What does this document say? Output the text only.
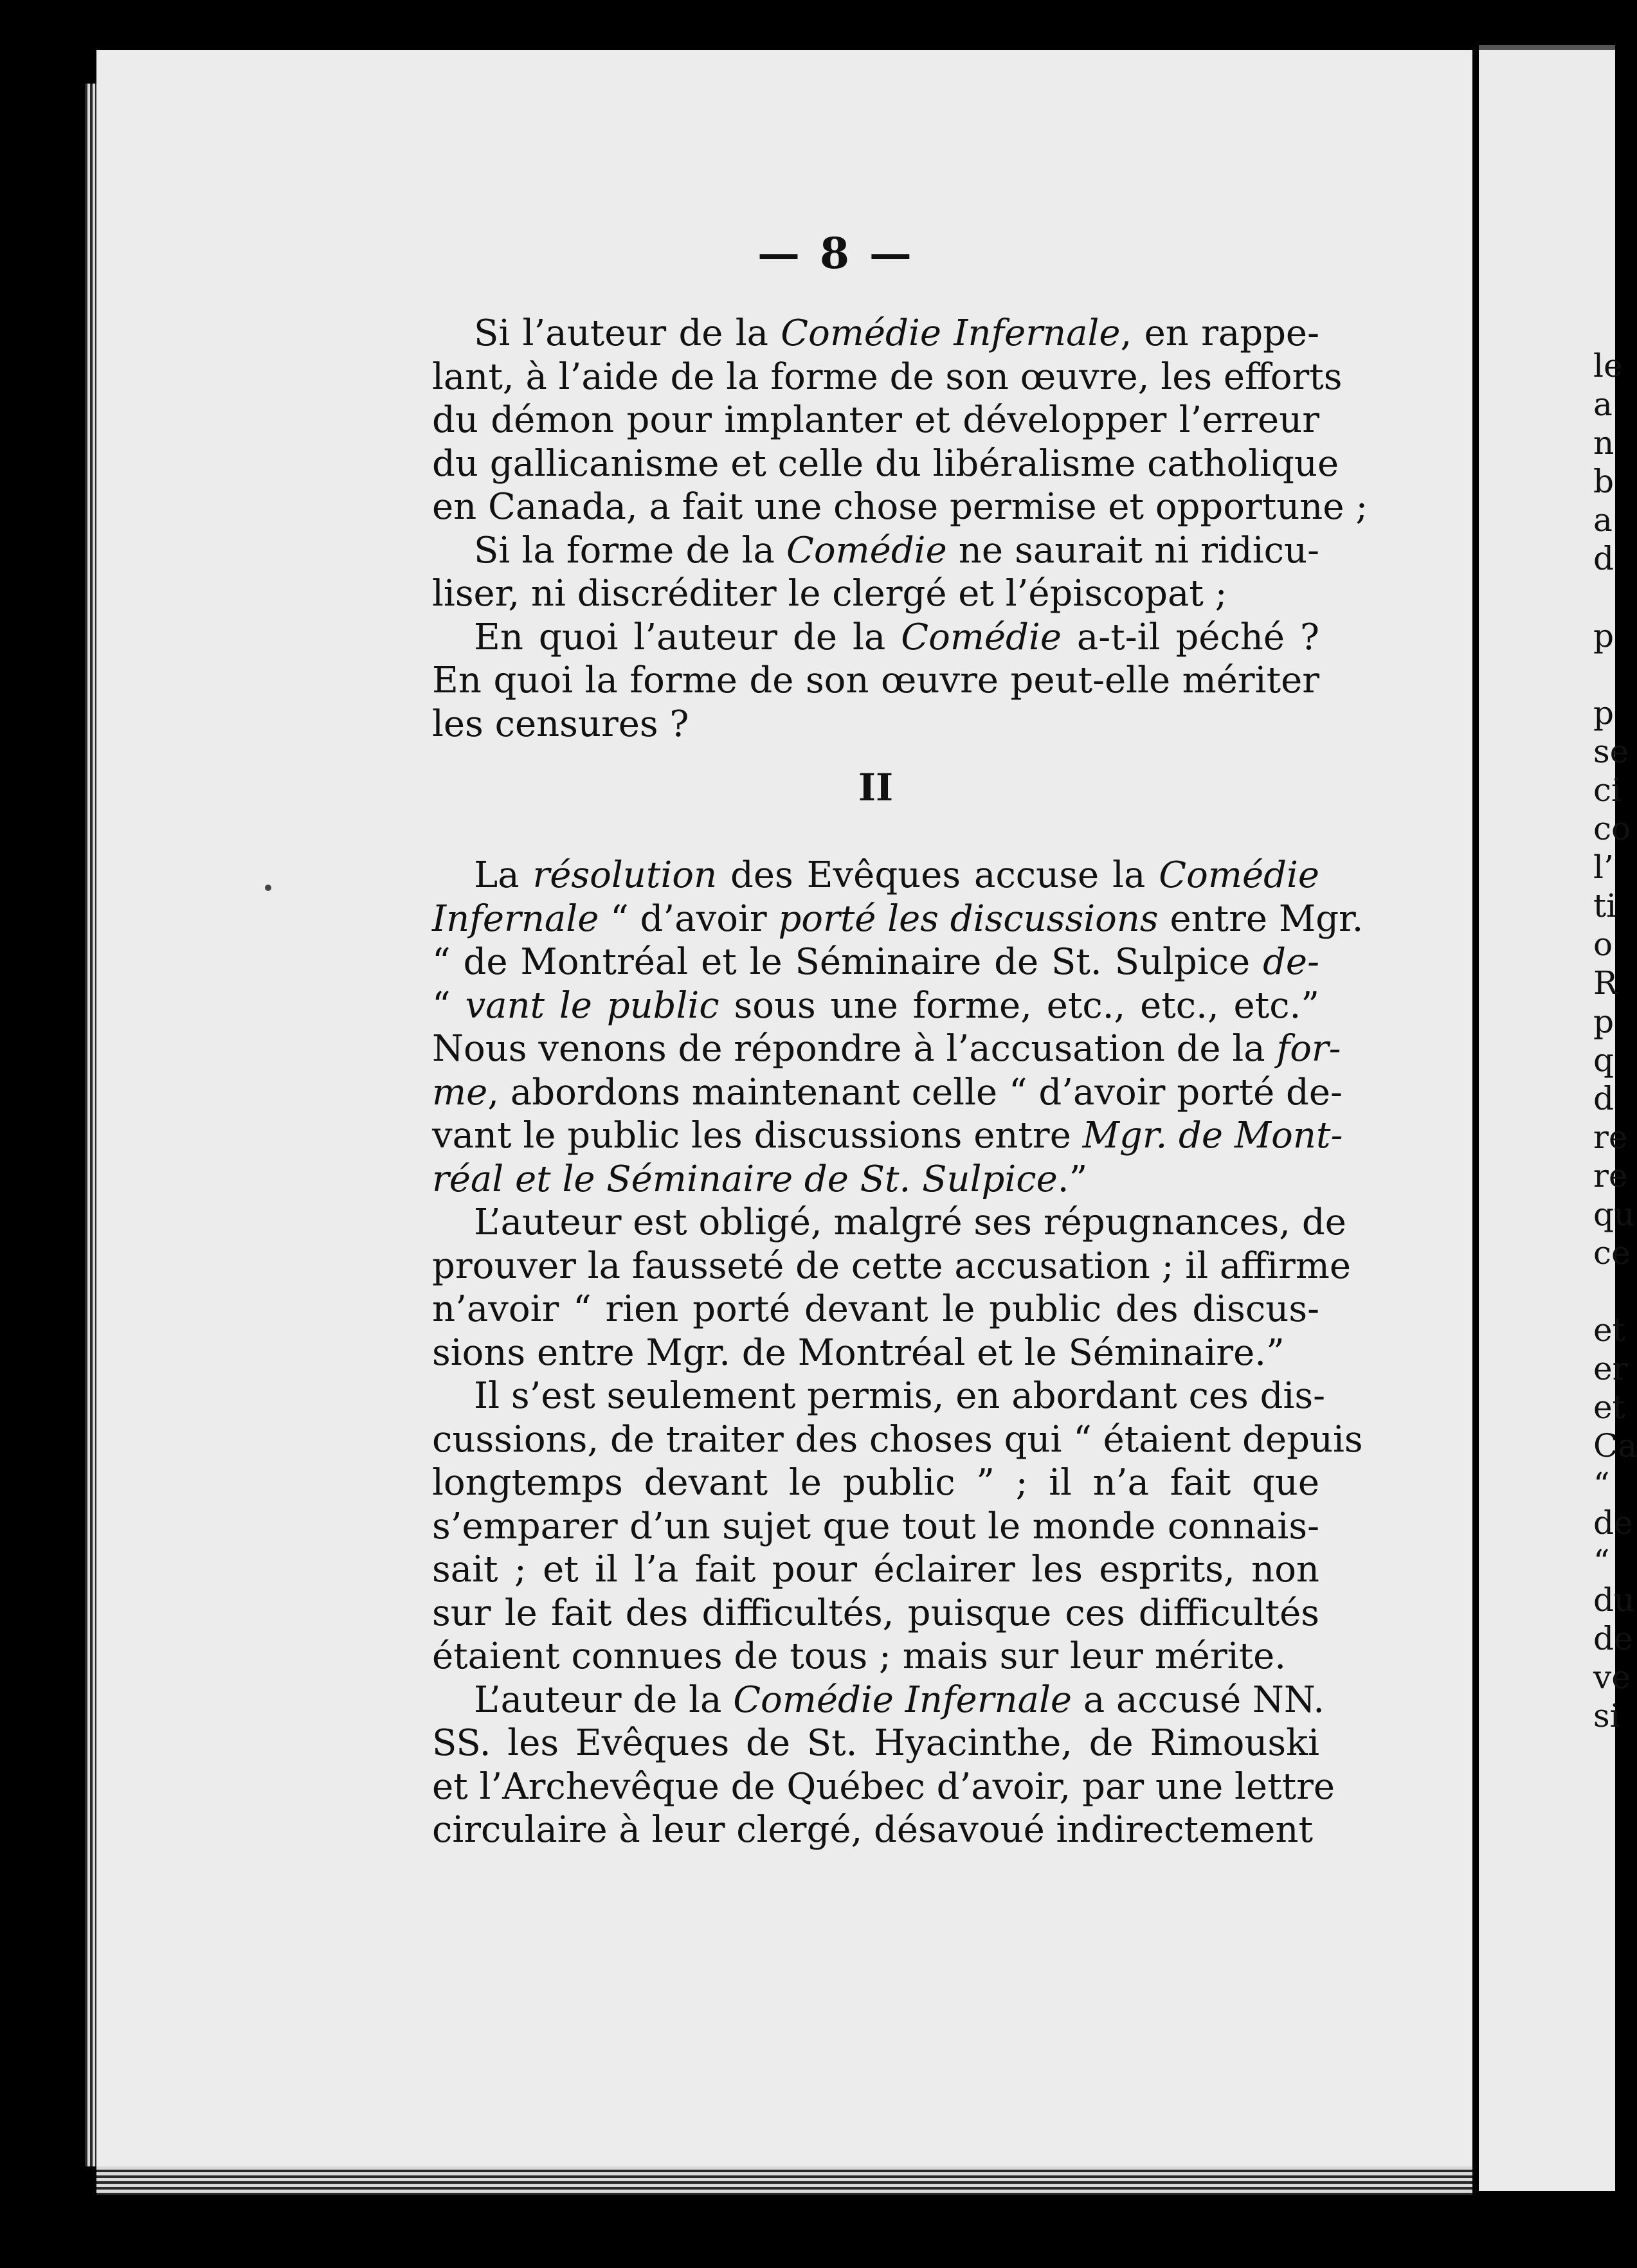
— 8 —
Si l’auteur de la Comédie Infernale, en rappe-
lant, à l’aide de la forme de son œuvre, les efforts
du démon pour implanter et développer l’erreur
du gallicanisme et celle du libéralisme catholique
en Canada, a fait une chose permise et opportune ;
Si la forme de la Comédie ne saurait ni ridicu-
liser, ni discréditer le clergé et l’épiscopat ;
En quoi l’auteur de la Comédie a-t-il péché ?
En quoi la forme de son œuvre peut-elle mériter
les censures ?
II
La résolution des Evêques accuse la Comédie
Infernale “ d’avoir porté les discussions entre Mgr.
“ de Montréal et le Séminaire de St. Sulpice de-
“ vant le public sous une forme, etc., etc., etc.”
Nous venons de répondre à l’accusation de la for-
me, abordons maintenant celle “ d’avoir porté de-
vant le public les discussions entre Mgr. de Mont-
réal et le Séminaire de St. Sulpice.”
L’auteur est obligé, malgré ses répugnances, de
prouver la fausseté de cette accusation ; il affirme
n’avoir “ rien porté devant le public des discus-
sions entre Mgr. de Montréal et le Séminaire.”
Il s’est seulement permis, en abordant ces dis-
cussions, de traiter des choses qui “ étaient depuis
longtemps devant le public ” ; il n’a fait que
s’emparer d’un sujet que tout le monde connais-
sait ; et il l’a fait pour éclairer les esprits, non
sur le fait des difficultés, puisque ces difficultés
étaient connues de tous ; mais sur leur mérite.
L’auteur de la Comédie Infernale a accusé NN.
SS. les Evêques de St. Hyacinthe, de Rimouski
et l’Archevêque de Québec d’avoir, par une lettre
circulaire à leur clergé, désavoué indirectement
le
a
n
b
a
d
p
p
se
ci
co
l’
ti
o
R
p
q
d
re
re
qu
ce
et
er
et
Ca
“
de
“
du
de
ve
si
